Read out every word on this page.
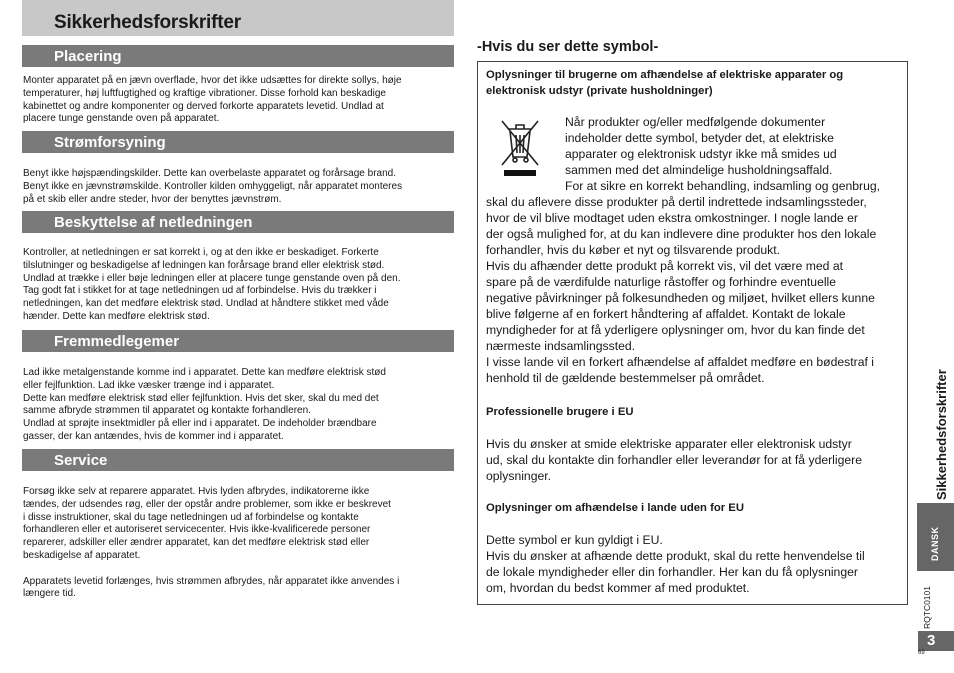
Sikkerhedsforskrifter
Placering

Monter apparatet på en jævn overflade, hvor det ikke udsættes for direkte sollys, høje
temperaturer, høj luftfugtighed og kraftige vibrationer. Disse forhold kan beskadige
kabinettet og andre komponenter og derved forkorte apparatets levetid. Undlad at
placere tunge genstande oven på apparatet.

Strømforsyning

Benyt ikke højspændingskilder. Dette kan overbelaste apparatet og forårsage brand.
Benyt ikke en jævnstrømskilde. Kontroller kilden omhyggeligt, når apparatet monteres
på et skib eller andre steder, hvor der benyttes jævnstrøm.

Beskyttelse af netledningen

Kontroller, at netledningen er sat korrekt i, og at den ikke er beskadiget. Forkerte
tilslutninger og beskadigelse af ledningen kan forårsage brand eller elektrisk stød.
Undlad at trække i eller bøje ledningen eller at placere tunge genstande oven på den.
Tag godt fat i stikket for at tage netledningen ud af forbindelse. Hvis du trækker i
netledningen, kan det medføre elektrisk stød. Undlad at håndtere stikket med våde
hænder. Dette kan medføre elektrisk stød.

Fremmedlegemer

Lad ikke metalgenstande komme ind i apparatet. Dette kan medføre elektrisk stød
eller fejlfunktion. Lad ikke væsker trænge ind i apparatet.
Dette kan medføre elektrisk stød eller fejlfunktion. Hvis det sker, skal du med det
samme afbryde strømmen til apparatet og kontakte forhandleren.
Undlad at sprøjte insektmidler på eller ind i apparatet. De indeholder brændbare
gasser, der kan antændes, hvis de kommer ind i apparatet.

Service

Forsøg ikke selv at reparere apparatet. Hvis lyden afbrydes, indikatorerne ikke
tændes, der udsendes røg, eller der opstår andre problemer, som ikke er beskrevet
i disse instruktioner, skal du tage netledningen ud af forbindelse og kontakte
forhandleren eller et autoriseret servicecenter. Hvis ikke-kvalificerede personer
reparerer, adskiller eller ændrer apparatet, kan det medføre elektrisk stød eller
beskadigelse af apparatet.

Apparatets levetid forlænges, hvis strømmen afbrydes, når apparatet ikke anvendes i
længere tid.

-Hvis du ser dette symbol-

Oplysninger til brugerne om afhændelse af elektriske apparater og
elektronisk udstyr (private husholdninger)

Når produkter og/eller medfølgende dokumenter
indeholder dette symbol, betyder det, at elektriske
apparater og elektronisk udstyr ikke må smides ud
sammen med det almindelige husholdningsaffald.
For at sikre en korrekt behandling, indsamling og genbrug,

skal du aflevere disse produkter på dertil indrettede indsamlingssteder,
hvor de vil blive modtaget uden ekstra omkostninger. I nogle lande er
der også mulighed for, at du kan indlevere dine produkter hos den lokale
forhandler, hvis du køber et nyt og tilsvarende produkt.
Hvis du afhænder dette produkt på korrekt vis, vil det være med at
spare på de værdifulde naturlige råstoffer og forhindre eventuelle
negative påvirkninger på folkesundheden og miljøet, hvilket ellers kunne
blive følgerne af en forkert håndtering af affaldet. Kontakt de lokale
myndigheder for at få yderligere oplysninger om, hvor du kan finde det
nærmeste indsamlingssted.
I visse lande vil en forkert afhændelse af affaldet medføre en bødestraf i
henhold til de gældende bestemmelser på området.

Professionelle brugere i EU

Hvis du ønsker at smide elektriske apparater eller elektronisk udstyr
ud, skal du kontakte din forhandler eller leverandør for at få yderligere
oplysninger.

Oplysninger om afhændelse i lande uden for EU

Dette symbol er kun gyldigt i EU.
Hvis du ønsker at afhænde dette produkt, skal du rette henvendelse til
de lokale myndigheder eller din forhandler. Her kan du få oplysninger
om, hvordan du bedst kommer af med produktet.

Sikkerhedsforskrifter
DANSK
RQTC0101
3
69
